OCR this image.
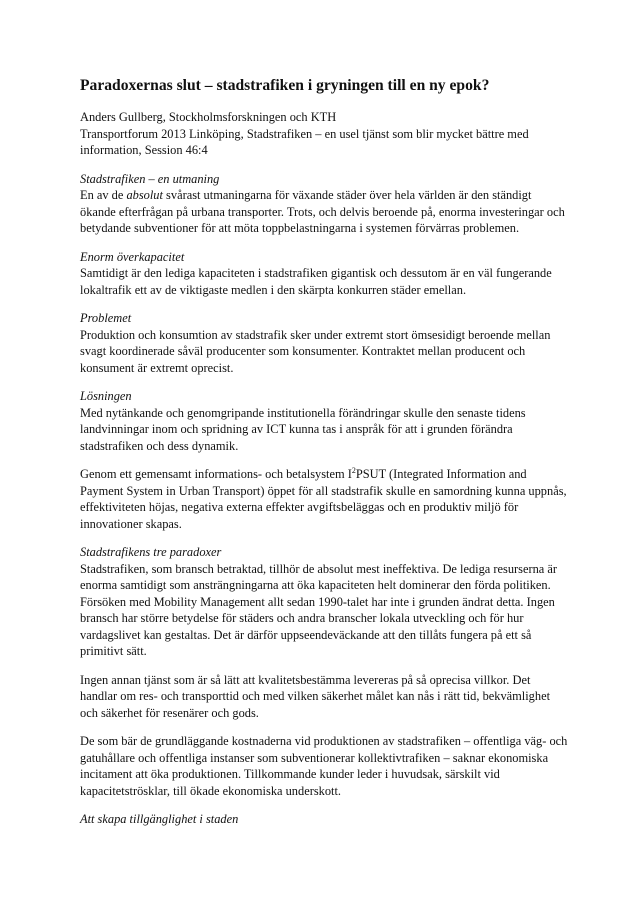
Paradoxernas slut – stadstrafiken i gryningen till en ny epok?

Anders Gullberg, Stockholmsforskningen och KTH
Transportforum 2013 Linköping, Stadstrafiken – en usel tjänst som blir mycket bättre med information, Session 46:4

Stadstrafiken – en utmaning
En av de absolut svårast utmaningarna för växande städer över hela världen är den ständigt ökande efterfrågan på urbana transporter. Trots, och delvis beroende på, enorma investeringar och betydande subventioner för att möta toppbelastningarna i systemen förvärras problemen.

Enorm överkapacitet
Samtidigt är den lediga kapaciteten i stadstrafiken gigantisk och dessutom är en väl fungerande lokaltrafik ett av de viktigaste medlen i den skärpta konkurren städer emellan.

Problemet
Produktion och konsumtion av stadstrafik sker under extremt stort ömsesidigt beroende mellan svagt koordinerade såväl producenter som konsumenter. Kontraktet mellan producent och konsument är extremt oprecist.

Lösningen
Med nytänkande och genomgripande institutionella förändringar skulle den senaste tidens landvinningar inom och spridning av ICT kunna tas i anspråk för att i grunden förändra stadstrafiken och dess dynamik.

Genom ett gemensamt informations- och betalsystem $I^2PSUT$ (Integrated Information and Payment System in Urban Transport) öppet för all stadstrafik skulle en samordning kunna uppnås, effektiviteten höjas, negativa externa effekter avgiftsbeläggas och en produktiv miljö för innovationer skapas.

Stadstrafikens tre paradoxer
Stadstrafiken, som bransch betraktad, tillhör de absolut mest ineffektiva. De lediga resurserna är enorma samtidigt som ansträngningarna att öka kapaciteten helt dominerar den förda politiken. Försöken med Mobility Management allt sedan 1990-talet har inte i grunden ändrat detta. Ingen bransch har större betydelse för städers och andra branscher lokala utveckling och för hur vardagslivet kan gestaltas. Det är därför uppseendeväckande att den tillåts fungera på ett så primitivt sätt.

Ingen annan tjänst som är så lätt att kvalitetsbestämma levereras på så oprecisa villkor. Det handlar om res- och transporttid och med vilken säkerhet målet kan nås i rätt tid, bekvämlighet och säkerhet för resenärer och gods.

De som bär de grundläggande kostnaderna vid produktionen av stadstrafiken – offentliga väg- och gatuhållare och offentliga instanser som subventionerar kollektivtrafiken – saknar ekonomiska incitament att öka produktionen. Tillkommande kunder leder i huvudsak, särskilt vid kapacitetströsklar, till ökade ekonomiska underskott.

Att skapa tillgänglighet i staden
